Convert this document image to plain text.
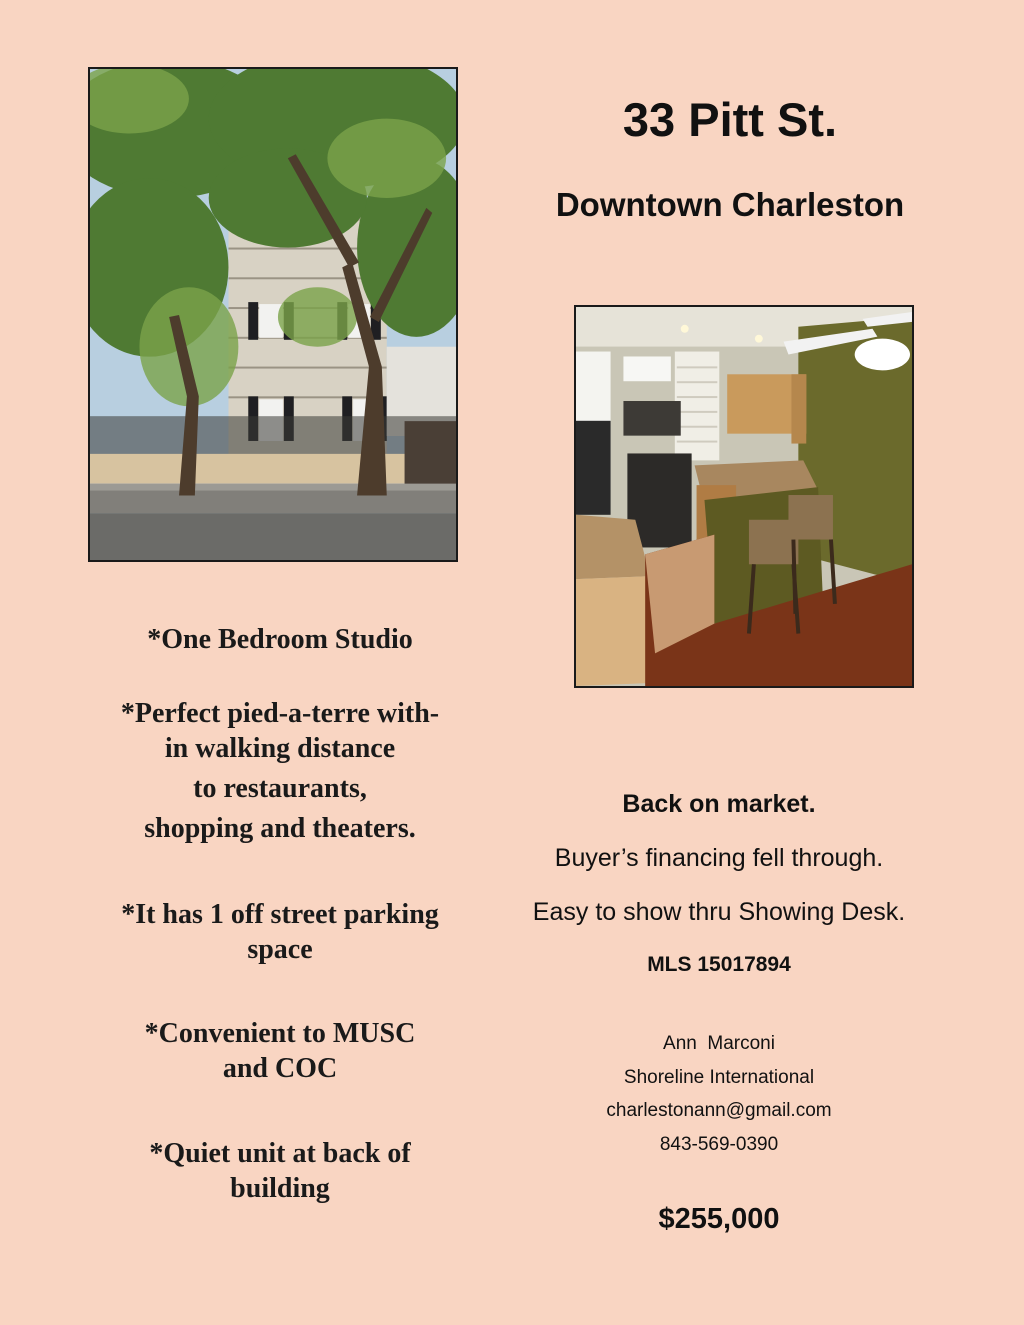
33 Pitt St.
Downtown Charleston
*One Bedroom Studio
*Perfect pied-a-terre with-
in walking distance
to restaurants,
shopping and theaters.
*It has 1 off street parking
space
*Convenient to MUSC
and COC
*Quiet unit at back of
building
Back on market.
Buyer’s financing fell through.
Easy to show thru Showing Desk.
MLS 15017894
Ann  Marconi
Shoreline International
charlestonann@gmail.com
843-569-0390
$255,000
